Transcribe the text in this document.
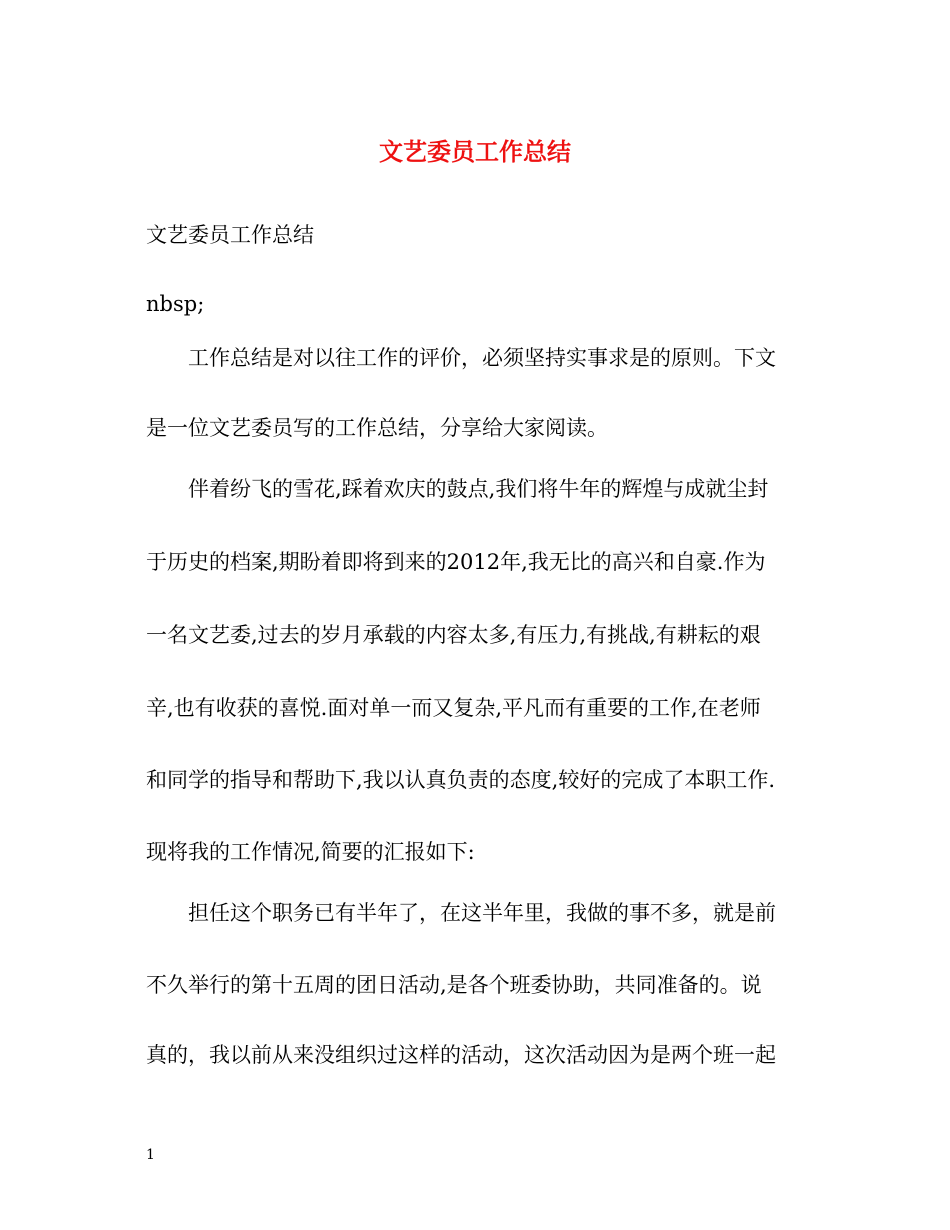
文艺委员工作总结
文艺委员工作总结
nbsp;
工作总结是对以往工作的评价，必须坚持实事求是的原则。下文
是一位文艺委员写的工作总结，分享给大家阅读。
伴着纷飞的雪花,踩着欢庆的鼓点,我们将牛年的辉煌与成就尘封
于历史的档案,期盼着即将到来的2012年,我无比的高兴和自豪.作为
一名文艺委,过去的岁月承载的内容太多,有压力,有挑战,有耕耘的艰
辛,也有收获的喜悦.面对单一而又复杂,平凡而有重要的工作,在老师
和同学的指导和帮助下,我以认真负责的态度,较好的完成了本职工作.
现将我的工作情况,简要的汇报如下:
担任这个职务已有半年了，在这半年里，我做的事不多，就是前
不久举行的第十五周的团日活动,是各个班委协助，共同准备的。说
真的，我以前从来没组织过这样的活动，这次活动因为是两个班一起
1
